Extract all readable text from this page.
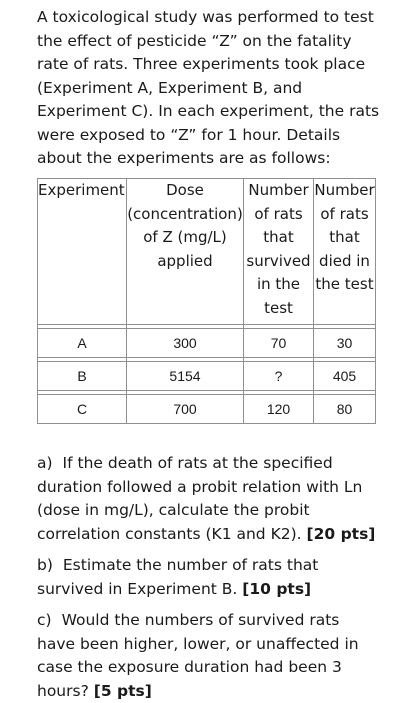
A toxicological study was performed to test the effect of pesticide “Z” on the fatality rate of rats. Three experiments took place (Experiment A, Experiment B, and Experiment C). In each experiment, the rats were exposed to “Z” for 1 hour. Details about the experiments are as follows:

Experiment	Dose (concentration) of Z (mg/L) applied	Number of rats that survived in the test	Number of rats that died in the test

A	300	70	30

B	5154	?	405

C	700	120	80

a) If the death of rats at the specified duration followed a probit relation with Ln (dose in mg/L), calculate the probit correlation constants (K1 and K2). [20 pts]

b) Estimate the number of rats that survived in Experiment B. [10 pts]

c) Would the numbers of survived rats have been higher, lower, or unaffected in case the exposure duration had been 3 hours? [5 pts]
